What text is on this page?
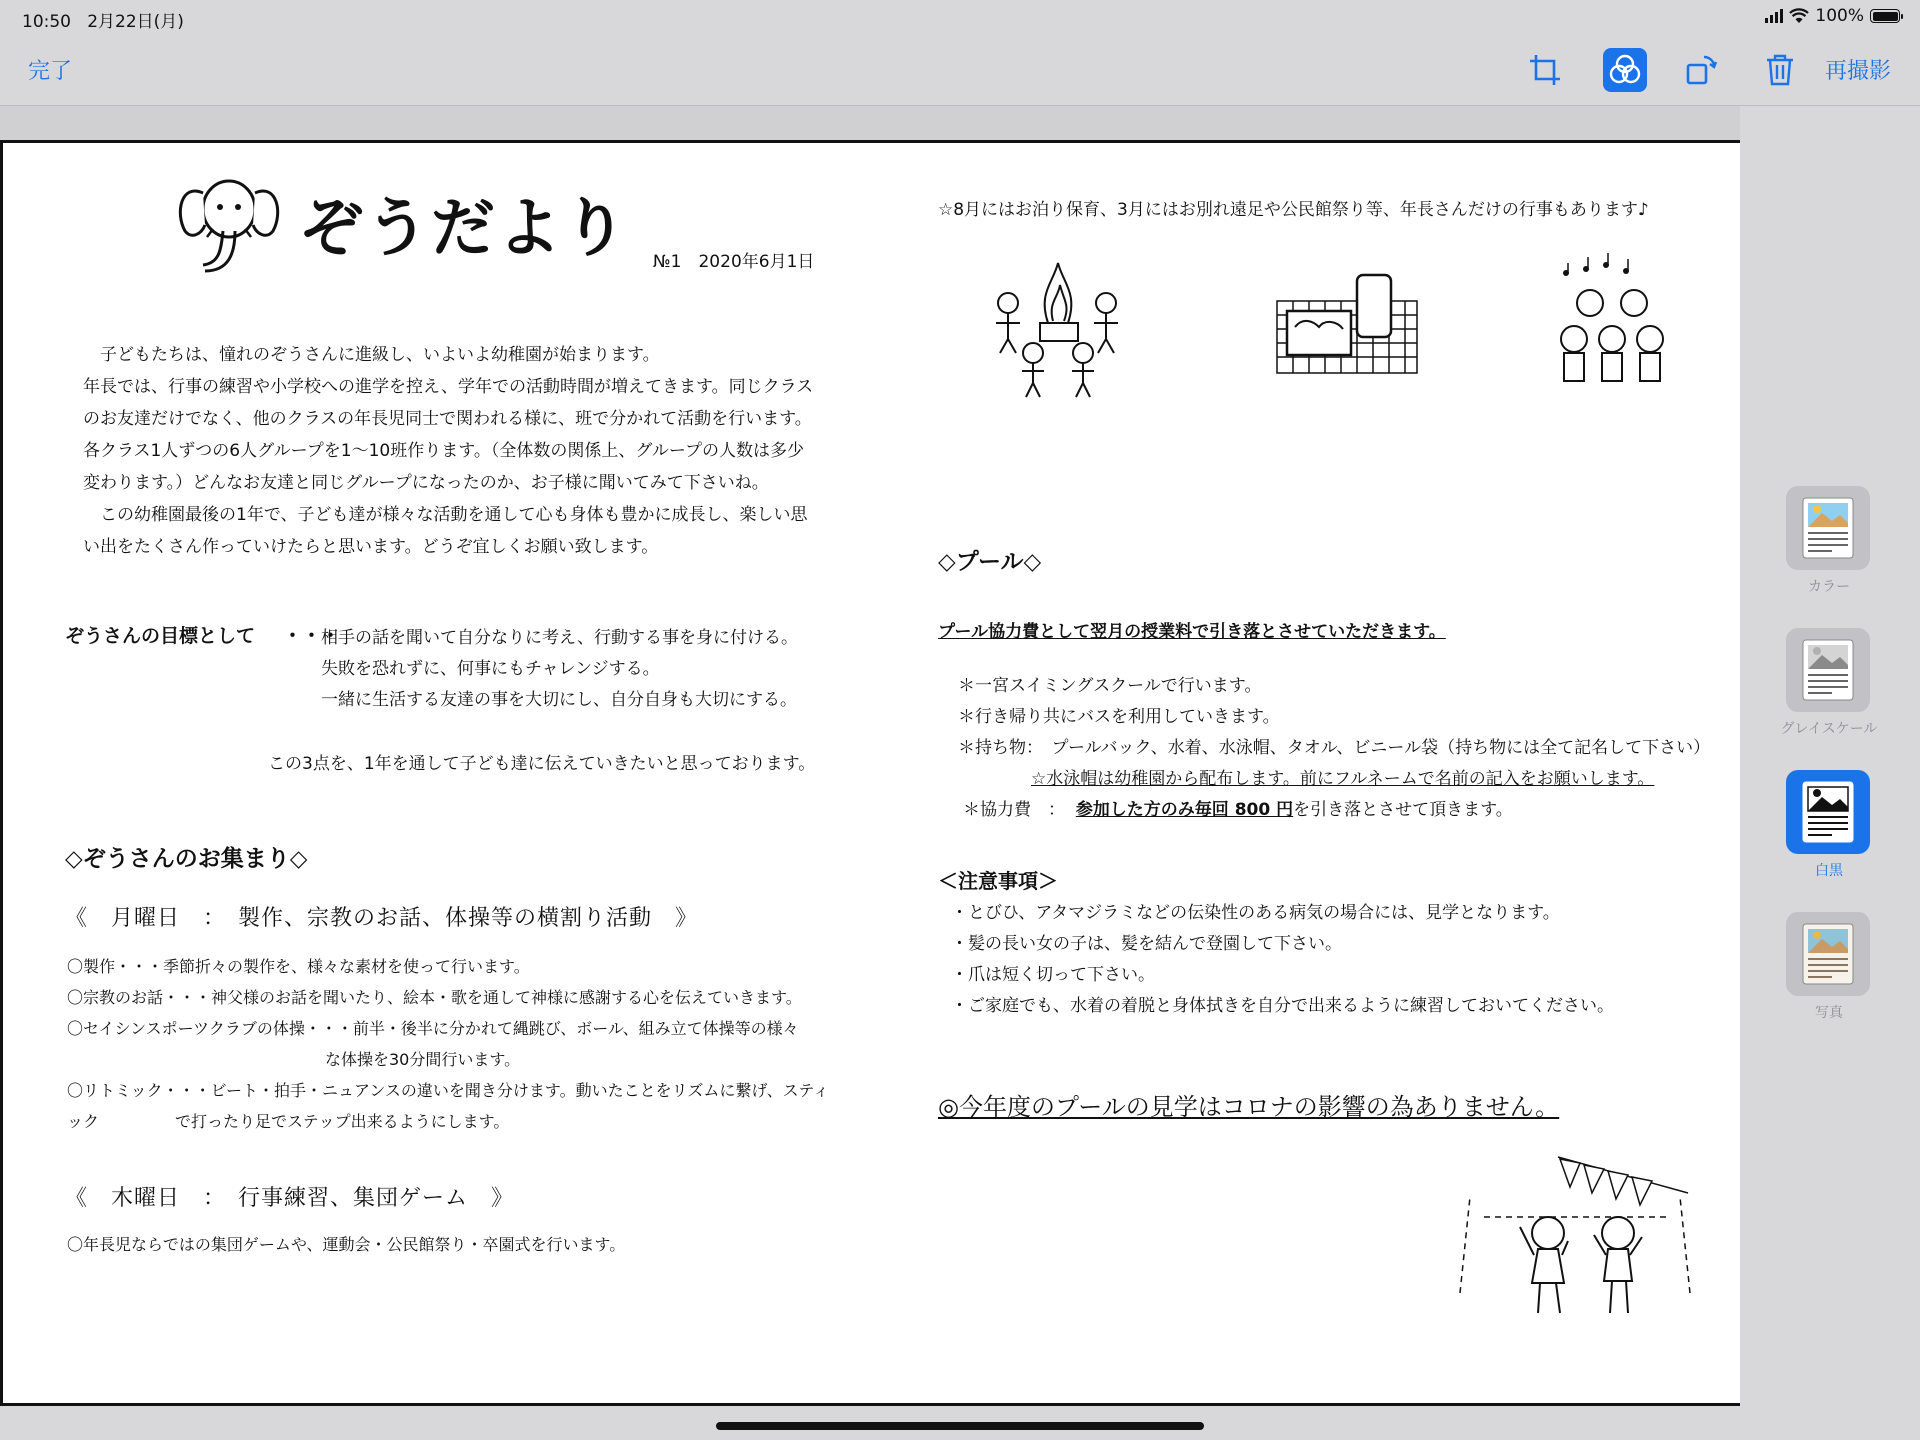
10:50 2月22日(月)	100%
完了	再撮影
ぞうだより №1　2020年6月1日
　子どもたちは、憧れのぞうさんに進級し、いよいよ幼稚園が始まります。
年長では、行事の練習や小学校への進学を控え、学年での活動時間が増えてきます。同じクラス
のお友達だけでなく、他のクラスの年長児同士で関われる様に、班で分かれて活動を行います。
各クラス1人ずつの6人グループを1〜10班作ります。（全体数の関係上、グループの人数は多少
変わります。）どんなお友達と同じグループになったのか、お子様に聞いてみて下さいね。
　この幼稚園最後の1年で、子ども達が様々な活動を通して心も身体も豊かに成長し、楽しい思
い出をたくさん作っていけたらと思います。どうぞ宜しくお願い致します。
ぞうさんの目標として ・・・
相手の話を聞いて自分なりに考え、行動する事を身に付ける。
失敗を恐れずに、何事にもチャレンジする。
一緒に生活する友達の事を大切にし、自分自身も大切にする。
この3点を、1年を通して子ども達に伝えていきたいと思っております。
◇ぞうさんのお集まり◇
《　月曜日　：　製作、宗教のお話、体操等の横割り活動　》
〇製作・・・季節折々の製作を、様々な素材を使って行います。
〇宗教のお話・・・神父様のお話を聞いたり、絵本・歌を通して神様に感謝する心を伝えていきます。
〇セイシンスポーツクラブの体操・・・前半・後半に分かれて縄跳び、ボール、組み立て体操等の様々
な体操を30分間行います。
〇リトミック・・・ビート・拍手・ニュアンスの違いを聞き分けます。動いたことをリズムに繋げ、スティック	で打ったり足でステップ出来るようにします。
《　木曜日　：　行事練習、集団ゲーム　》
〇年長児ならではの集団ゲームや、運動会・公民館祭り・卒園式を行います。
☆8月にはお泊り保育、3月にはお別れ遠足や公民館祭り等、年長さんだけの行事もあります♪
◇プール◇
プール協力費として翌月の授業料で引き落とさせていただきます。
＊一宮スイミングスクールで行います。
＊行き帰り共にバスを利用していきます。
＊持ち物：　プールバック、水着、水泳帽、タオル、ビニール袋（持ち物には全て記名して下さい）
☆水泳帽は幼稚園から配布します。前にフルネームで名前の記入をお願いします。
＊協力費　： 参加した方のみ毎回 800 円を引き落とさせて頂きます。
＜注意事項＞
・とびひ、アタマジラミなどの伝染性のある病気の場合には、見学となります。
・髪の長い女の子は、髪を結んで登園して下さい。
・爪は短く切って下さい。
・ご家庭でも、水着の着脱と身体拭きを自分で出来るように練習しておいてください。
◎今年度のプールの見学はコロナの影響の為ありません。
カラー
グレイスケール
白黒
写真
